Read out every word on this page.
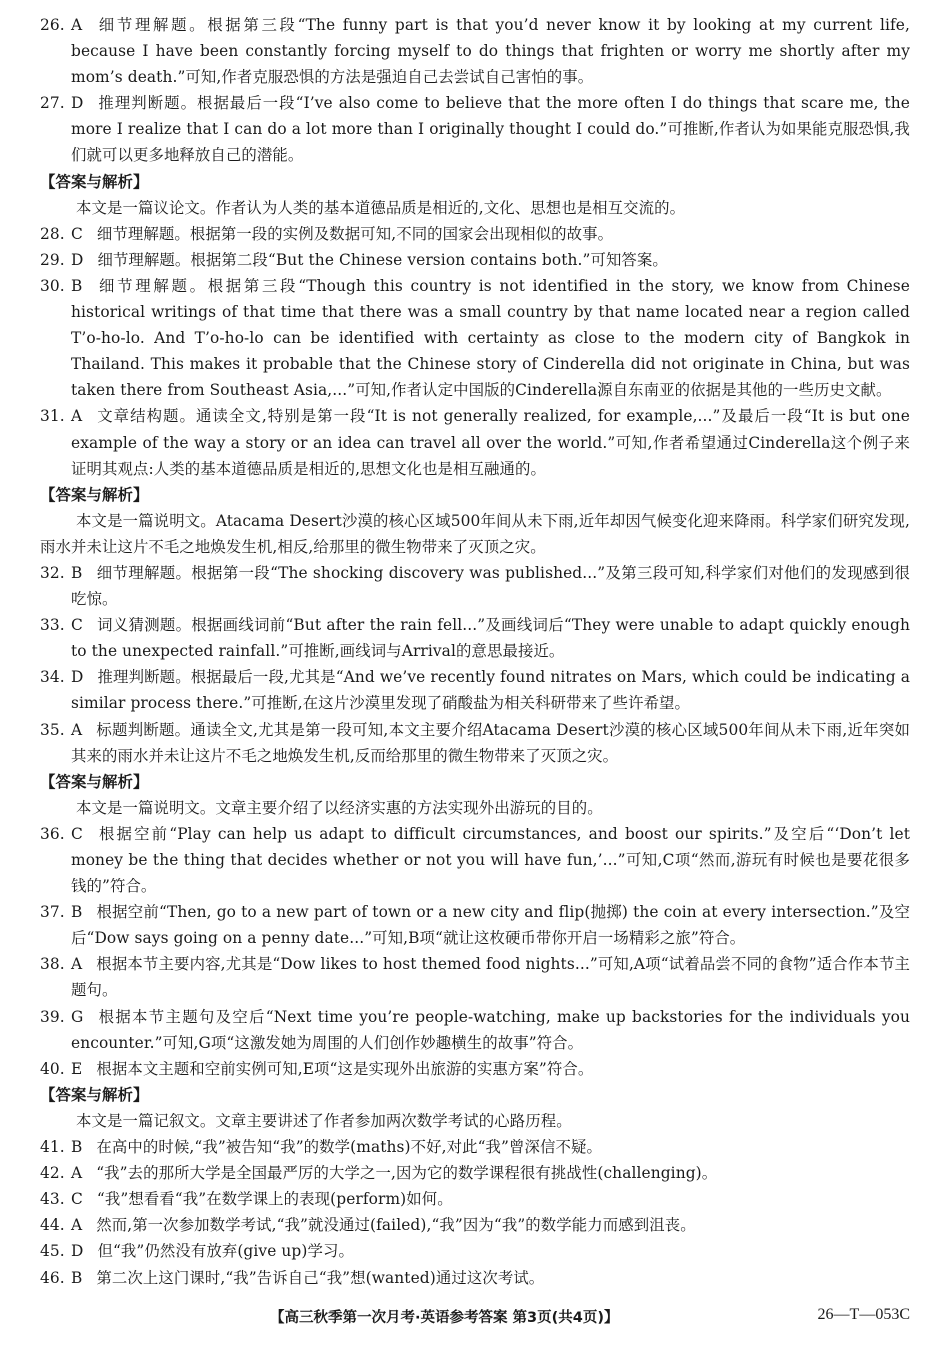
26. A 细节理解题。根据第三段“The funny part is that you’d never know it by looking at my current life, because I have been constantly forcing myself to do things that frighten or worry me shortly after my mom’s death.”可知,作者克服恐惧的方法是强迫自己去尝试自己害怕的事。
27. D 推理判断题。根据最后一段“I’ve also come to believe that the more often I do things that scare me, the more I realize that I can do a lot more than I originally thought I could do.”可推断,作者认为如果能克服恐惧,我们就可以更多地释放自己的潜能。
【答案与解析】
本文是一篇议论文。作者认为人类的基本道德品质是相近的,文化、思想也是相互交流的。
28. C 细节理解题。根据第一段的实例及数据可知,不同的国家会出现相似的故事。
29. D 细节理解题。根据第二段“But the Chinese version contains both.”可知答案。
30. B 细节理解题。根据第三段“Though this country is not identified in the story, we know from Chinese historical writings of that time that there was a small country by that name located near a region called T’o-ho-lo. And T’o-ho-lo can be identified with certainty as close to the modern city of Bangkok in Thailand. This makes it probable that the Chinese story of Cinderella did not originate in China, but was taken there from Southeast Asia,...”可知,作者认定中国版的Cinderella源自东南亚的依据是其他的一些历史文献。
31. A 文章结构题。通读全文,特别是第一段“It is not generally realized, for example,...”及最后一段“It is but one example of the way a story or an idea can travel all over the world.”可知,作者希望通过Cinderella这个例子来证明其观点:人类的基本道德品质是相近的,思想文化也是相互融通的。
【答案与解析】
本文是一篇说明文。Atacama Desert沙漠的核心区域500年间从未下雨,近年却因气候变化迎来降雨。科学家们研究发现,雨水并未让这片不毛之地焕发生机,相反,给那里的微生物带来了灭顶之灾。
32. B 细节理解题。根据第一段“The shocking discovery was published...”及第三段可知,科学家们对他们的发现感到很吃惊。
33. C 词义猜测题。根据画线词前“But after the rain fell...”及画线词后“They were unable to adapt quickly enough to the unexpected rainfall.”可推断,画线词与Arrival的意思最接近。
34. D 推理判断题。根据最后一段,尤其是“And we’ve recently found nitrates on Mars, which could be indicating a similar process there.”可推断,在这片沙漠里发现了硝酸盐为相关科研带来了些许希望。
35. A 标题判断题。通读全文,尤其是第一段可知,本文主要介绍Atacama Desert沙漠的核心区域500年间从未下雨,近年突如其来的雨水并未让这片不毛之地焕发生机,反而给那里的微生物带来了灭顶之灾。
【答案与解析】
本文是一篇说明文。文章主要介绍了以经济实惠的方法实现外出游玩的目的。
36. C 根据空前“Play can help us adapt to difficult circumstances, and boost our spirits.”及空后“‘Don’t let money be the thing that decides whether or not you will have fun,’...”可知,C项“然而,游玩有时候也是要花很多钱的”符合。
37. B 根据空前“Then, go to a new part of town or a new city and flip(抛掷) the coin at every intersection.”及空后“Dow says going on a penny date...”可知,B项“就让这枚硬币带你开启一场精彩之旅”符合。
38. A 根据本节主要内容,尤其是“Dow likes to host themed food nights...”可知,A项“试着品尝不同的食物”适合作本节主题句。
39. G 根据本节主题句及空后“Next time you’re people-watching, make up backstories for the individuals you encounter.”可知,G项“这激发她为周围的人们创作妙趣横生的故事”符合。
40. E 根据本文主题和空前实例可知,E项“这是实现外出旅游的实惠方案”符合。
【答案与解析】
本文是一篇记叙文。文章主要讲述了作者参加两次数学考试的心路历程。
41. B 在高中的时候,“我”被告知“我”的数学(maths)不好,对此“我”曾深信不疑。
42. A “我”去的那所大学是全国最严厉的大学之一,因为它的数学课程很有挑战性(challenging)。
43. C “我”想看看“我”在数学课上的表现(perform)如何。
44. A 然而,第一次参加数学考试,“我”就没通过(failed),“我”因为“我”的数学能力而感到沮丧。
45. D 但“我”仍然没有放弃(give up)学习。
46. B 第二次上这门课时,“我”告诉自己“我”想(wanted)通过这次考试。
【高三秋季第一次月考·英语参考答案 第3页(共4页)】	26—T—053C
